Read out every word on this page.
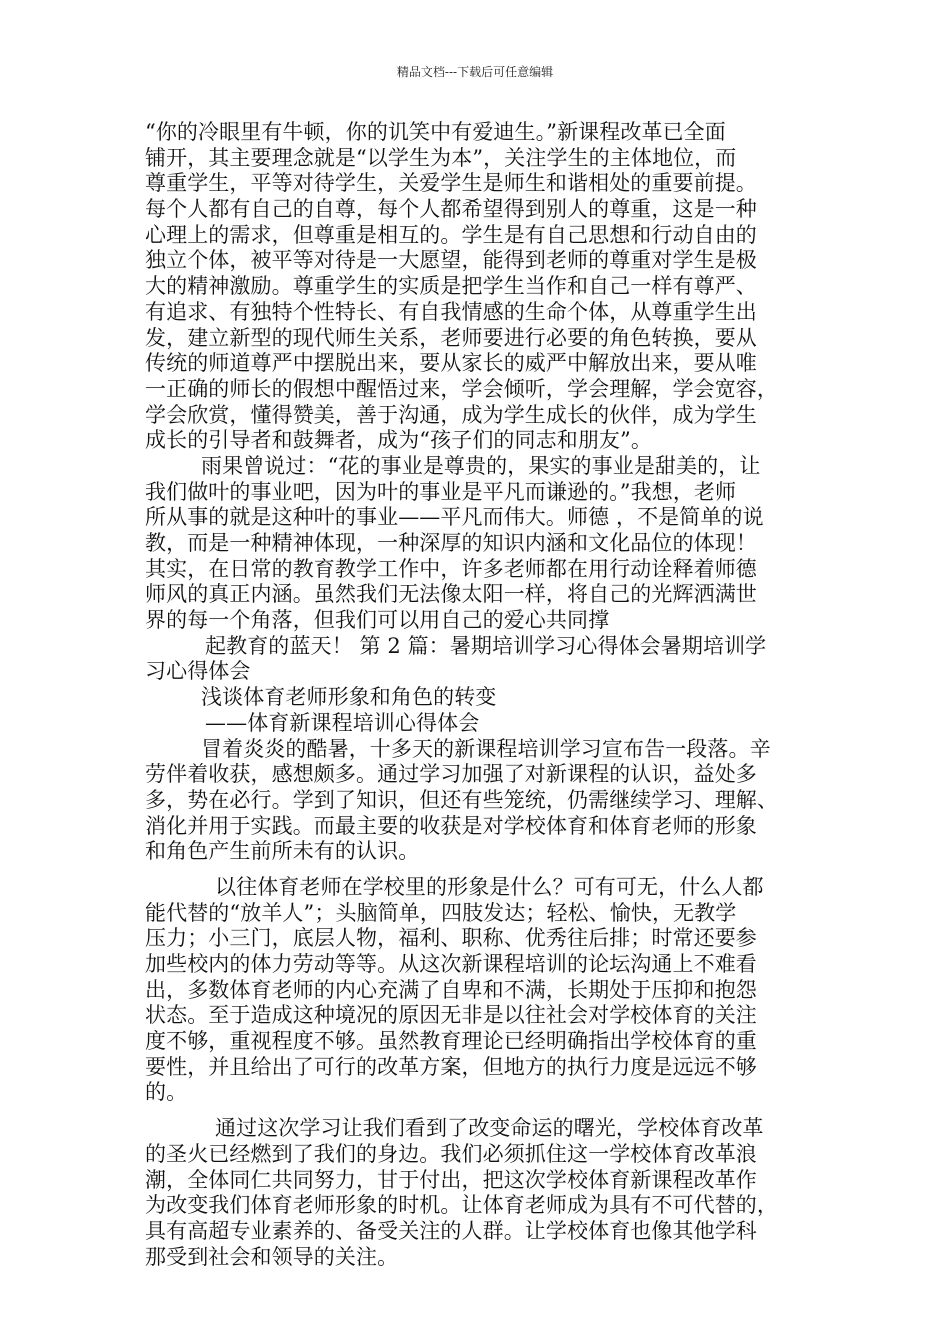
精品文档---下载后可任意编辑
“你的冷眼里有牛顿，你的讥笑中有爱迪生。”新课程改革已全面
铺开，其主要理念就是“以学生为本”，关注学生的主体地位，而
尊重学生，平等对待学生，关爱学生是师生和谐相处的重要前提。
每个人都有自己的自尊，每个人都希望得到别人的尊重，这是一种
心理上的需求，但尊重是相互的。学生是有自己思想和行动自由的
独立个体，被平等对待是一大愿望，能得到老师的尊重对学生是极
大的精神激励。尊重学生的实质是把学生当作和自己一样有尊严、
有追求、有独特个性特长、有自我情感的生命个体，从尊重学生出
发，建立新型的现代师生关系，老师要进行必要的角色转换，要从
传统的师道尊严中摆脱出来，要从家长的威严中解放出来，要从唯
一正确的师长的假想中醒悟过来，学会倾听，学会理解，学会宽容，
学会欣赏，懂得赞美，善于沟通，成为学生成长的伙伴，成为学生
成长的引导者和鼓舞者，成为“孩子们的同志和朋友”。
雨果曾说过：“花的事业是尊贵的，果实的事业是甜美的，让
我们做叶的事业吧，因为叶的事业是平凡而谦逊的。”我想，老师
所从事的就是这种叶的事业——平凡而伟大。师德 ，不是简单的说
教，而是一种精神体现，一种深厚的知识内涵和文化品位的体现！
其实，在日常的教育教学工作中，许多老师都在用行动诠释着师德
师风的真正内涵。虽然我们无法像太阳一样，将自己的光辉洒满世
界的每一个角落，但我们可以用自己的爱心共同撑
起教育的蓝天！ 第 2 篇：暑期培训学习心得体会暑期培训学
习心得体会
浅谈体育老师形象和角色的转变
——体育新课程培训心得体会
冒着炎炎的酷暑，十多天的新课程培训学习宣布告一段落。辛
劳伴着收获，感想颇多。通过学习加强了对新课程的认识，益处多
多，势在必行。学到了知识，但还有些笼统，仍需继续学习、理解、
消化并用于实践。而最主要的收获是对学校体育和体育老师的形象
和角色产生前所未有的认识。
以往体育老师在学校里的形象是什么？可有可无，什么人都
能代替的“放羊人”；头脑简单，四肢发达；轻松、愉快，无教学
压力；小三门，底层人物，福利、职称、优秀往后排；时常还要参
加些校内的体力劳动等等。从这次新课程培训的论坛沟通上不难看
出，多数体育老师的内心充满了自卑和不满，长期处于压抑和抱怨
状态。至于造成这种境况的原因无非是以往社会对学校体育的关注
度不够，重视程度不够。虽然教育理论已经明确指出学校体育的重
要性，并且给出了可行的改革方案，但地方的执行力度是远远不够
的。
通过这次学习让我们看到了改变命运的曙光，学校体育改革
的圣火已经燃到了我们的身边。我们必须抓住这一学校体育改革浪
潮，全体同仁共同努力，甘于付出，把这次学校体育新课程改革作
为改变我们体育老师形象的时机。让体育老师成为具有不可代替的，
具有高超专业素养的、备受关注的人群。让学校体育也像其他学科
那受到社会和领导的关注。
